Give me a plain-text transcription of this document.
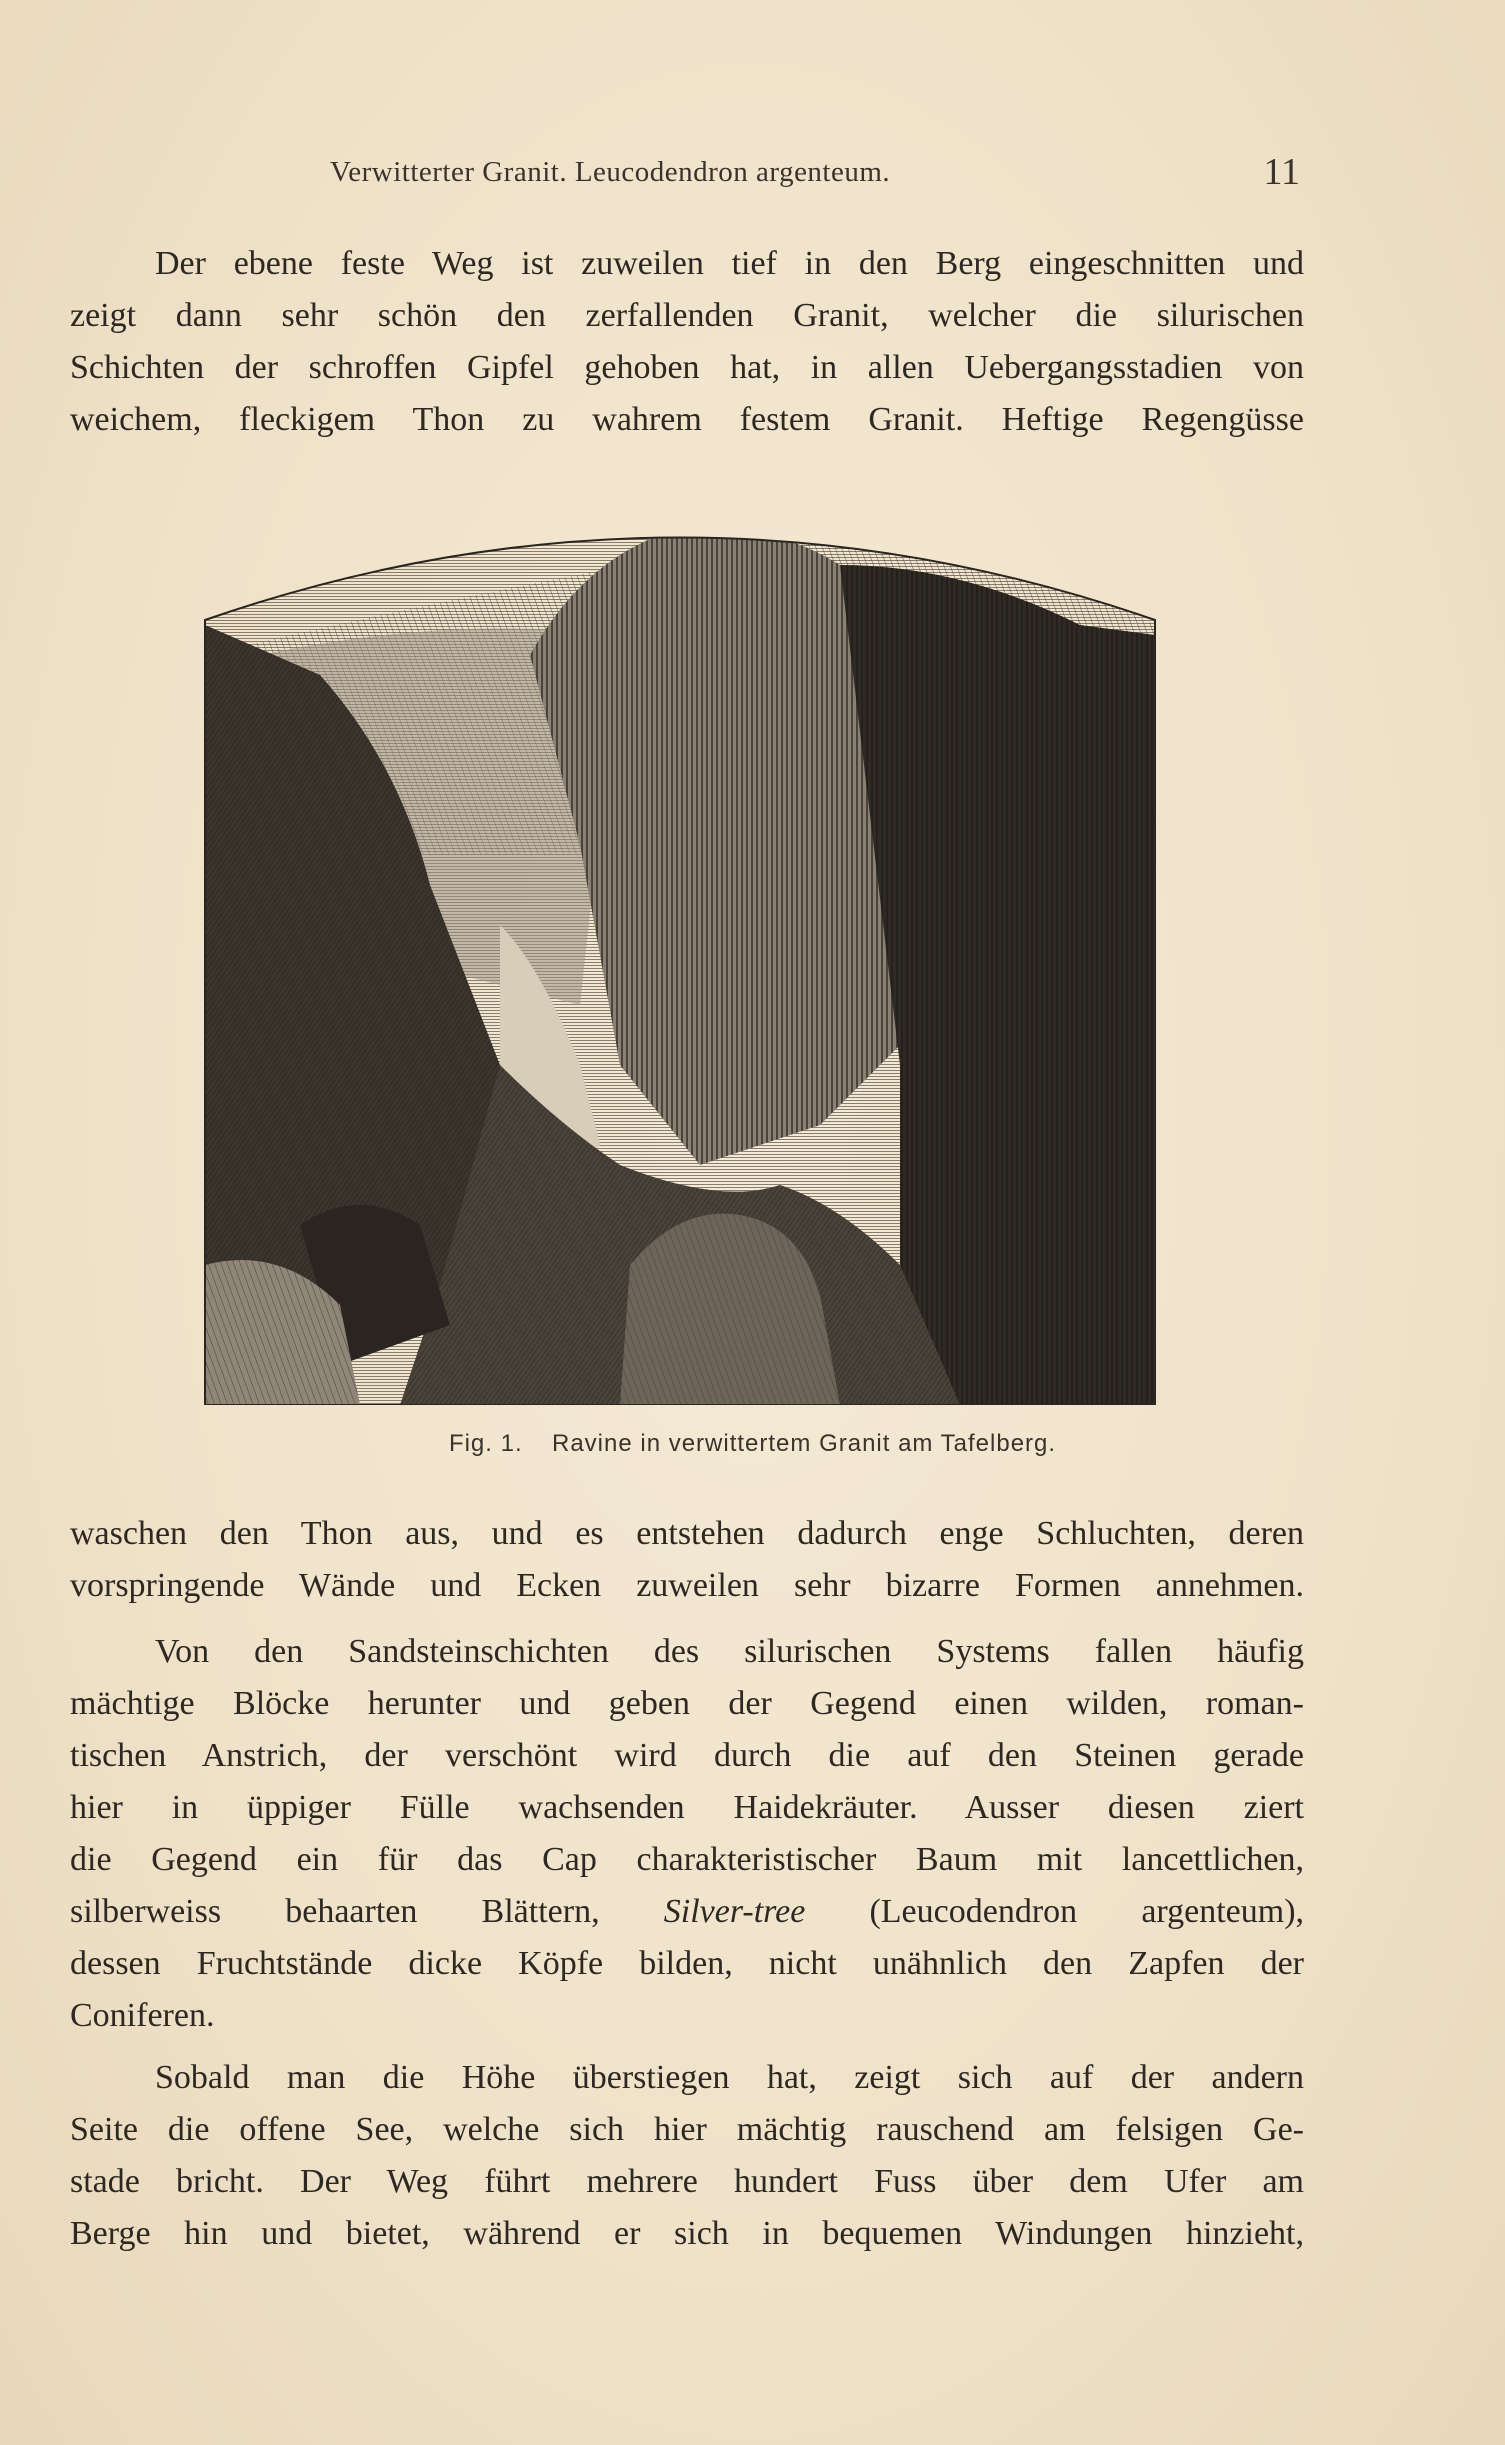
Verwitterter Granit. Leucodendron argenteum.	11
Der ebene feste Weg ist zuweilen tief in den Berg eingeschnitten und
zeigt dann sehr schön den zerfallenden Granit, welcher die silurischen
Schichten der schroffen Gipfel gehoben hat, in allen Uebergangsstadien von
weichem, fleckigem Thon zu wahrem festem Granit. Heftige Regengüsse
Fig. 1. Ravine in verwittertem Granit am Tafelberg.
waschen den Thon aus, und es entstehen dadurch enge Schluchten, deren
vorspringende Wände und Ecken zuweilen sehr bizarre Formen annehmen.
Von den Sandsteinschichten des silurischen Systems fallen häufig
mächtige Blöcke herunter und geben der Gegend einen wilden, roman-
tischen Anstrich, der verschönt wird durch die auf den Steinen gerade
hier in üppiger Fülle wachsenden Haidekräuter. Ausser diesen ziert
die Gegend ein für das Cap charakteristischer Baum mit lancettlichen,
silberweiss behaarten Blättern, Silver-tree (Leucodendron argenteum),
dessen Fruchtstände dicke Köpfe bilden, nicht unähnlich den Zapfen der
Coniferen.
Sobald man die Höhe überstiegen hat, zeigt sich auf der andern
Seite die offene See, welche sich hier mächtig rauschend am felsigen Ge-
stade bricht. Der Weg führt mehrere hundert Fuss über dem Ufer am
Berge hin und bietet, während er sich in bequemen Windungen hinzieht,
